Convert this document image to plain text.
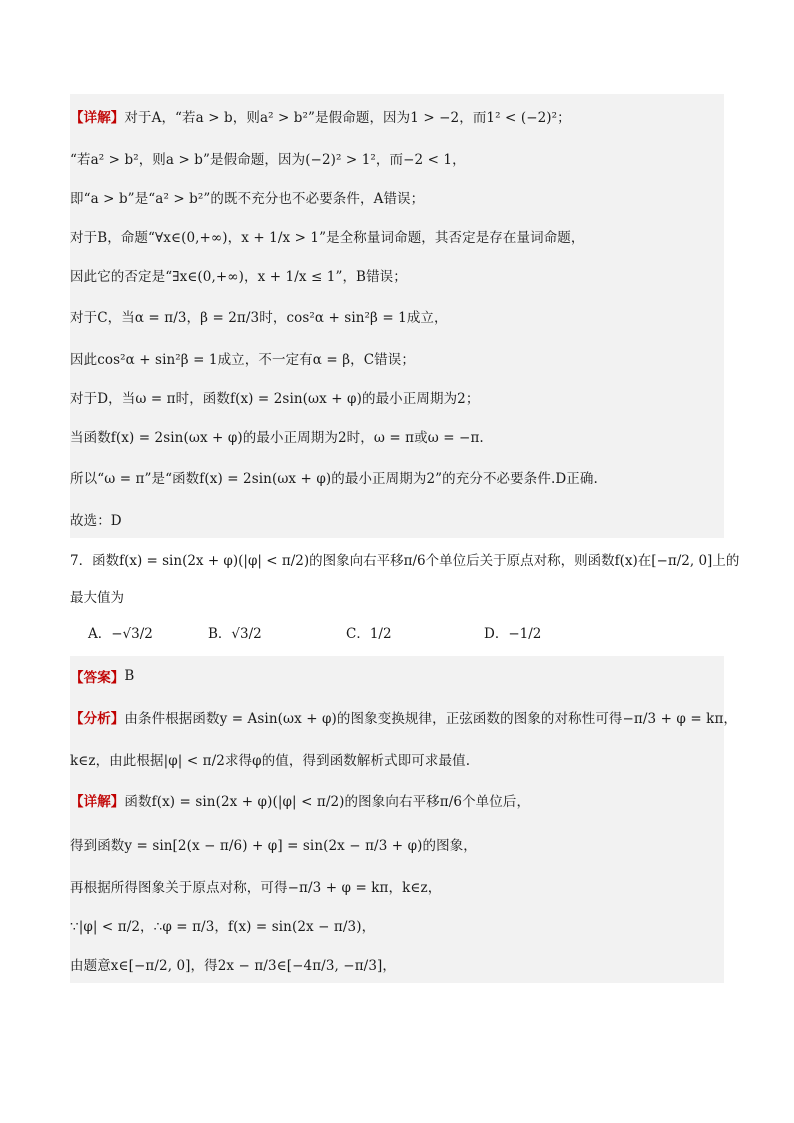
【详解】 对于A，“若a > b，则a² > b²”是假命题，因为1 > −2，而1² < (−2)²；
“若a² > b²，则a > b”是假命题，因为(−2)² > 1²，而−2 < 1，
即“a > b”是“a² > b²”的既不充分也不必要条件，A错误；
对于B，命题“∀x∈(0,+∞)，x + 1/x > 1”是全称量词命题，其否定是存在量词命题，
因此它的否定是“∃x∈(0,+∞)，x + 1/x ≤ 1”，B错误；
对于C，当α = π/3，β = 2π/3时，cos²α + sin²β = 1成立，
因此cos²α + sin²β = 1成立，不一定有α = β，C错误；
对于D，当ω = π时，函数f(x) = 2sin(ωx + φ)的最小正周期为2；
当函数f(x) = 2sin(ωx + φ)的最小正周期为2时，ω = π或ω = −π.
所以“ω = π”是“函数f(x) = 2sin(ωx + φ)的最小正周期为2”的充分不必要条件.D正确.
故选：D
7．函数f(x) = sin(2x + φ)(|φ| < π/2)的图象向右平移π/6个单位后关于原点对称，则函数f(x)在[−π/2, 0]上的
最大值为
A．−√3/2	B．√3/2	C．1/2	D．−1/2
【答案】 B
【分析】 由条件根据函数y = Asin(ωx + φ)的图象变换规律，正弦函数的图象的对称性可得−π/3 + φ = kπ，
k∈z，由此根据|φ| < π/2求得φ的值，得到函数解析式即可求最值.
【详解】 函数f(x) = sin(2x + φ)(|φ| < π/2)的图象向右平移π/6个单位后，
得到函数y = sin[2(x − π/6) + φ] = sin(2x − π/3 + φ)的图象，
再根据所得图象关于原点对称，可得−π/3 + φ = kπ，k∈z，
∵|φ| < π/2，∴φ = π/3，f(x) = sin(2x − π/3)，
由题意x∈[−π/2, 0]，得2x − π/3∈[−4π/3, −π/3]，
